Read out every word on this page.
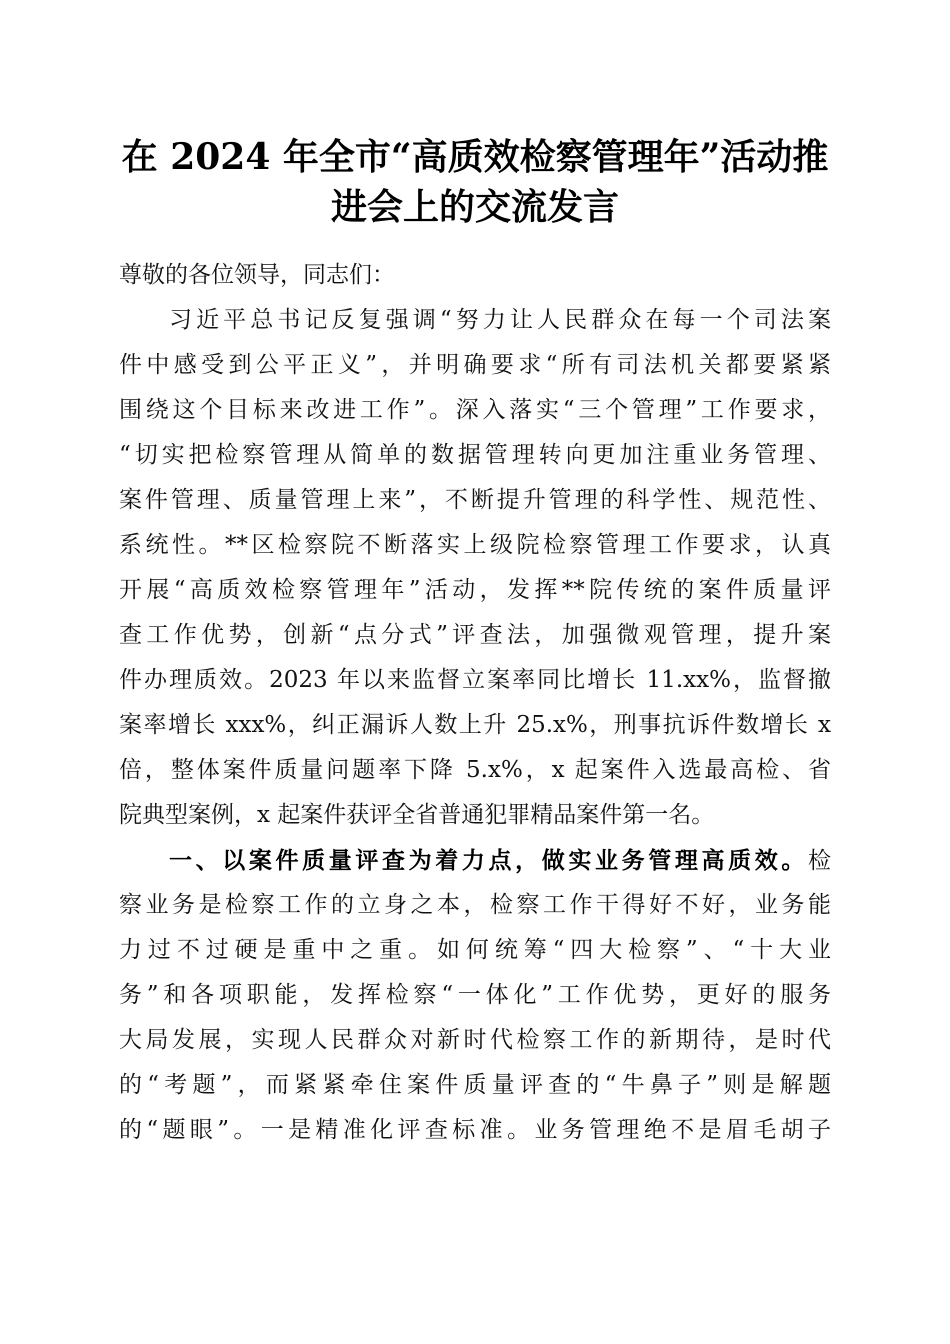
在 2024 年全市“高质效检察管理年”活动推
进会上的交流发言
尊敬的各位领导，同志们：
习近平总书记反复强调“努力让人民群众在每一个司法案
件中感受到公平正义”，并明确要求“所有司法机关都要紧紧
围绕这个目标来改进工作”。深入落实“三个管理”工作要求，
“切实把检察管理从简单的数据管理转向更加注重业务管理、
案件管理、质量管理上来”，不断提升管理的科学性、规范性、
系统性。**区检察院不断落实上级院检察管理工作要求，认真
开展“高质效检察管理年”活动，发挥**院传统的案件质量评
查工作优势，创新“点分式”评查法，加强微观管理，提升案
件办理质效。2023 年以来监督立案率同比增长 11.xx%，监督撤
案率增长 xxx%，纠正漏诉人数上升 25.x%，刑事抗诉件数增长 x
倍，整体案件质量问题率下降 5.x%，x 起案件入选最高检、省
院典型案例，x 起案件获评全省普通犯罪精品案件第一名。
一、以案件质量评查为着力点，做实业务管理高质效。检
察业务是检察工作的立身之本，检察工作干得好不好，业务能
力过不过硬是重中之重。如何统筹“四大检察”、“十大业
务”和各项职能，发挥检察“一体化”工作优势，更好的服务
大局发展，实现人民群众对新时代检察工作的新期待，是时代
的“考题”，而紧紧牵住案件质量评查的“牛鼻子”则是解题
的“题眼”。一是精准化评查标准。业务管理绝不是眉毛胡子
